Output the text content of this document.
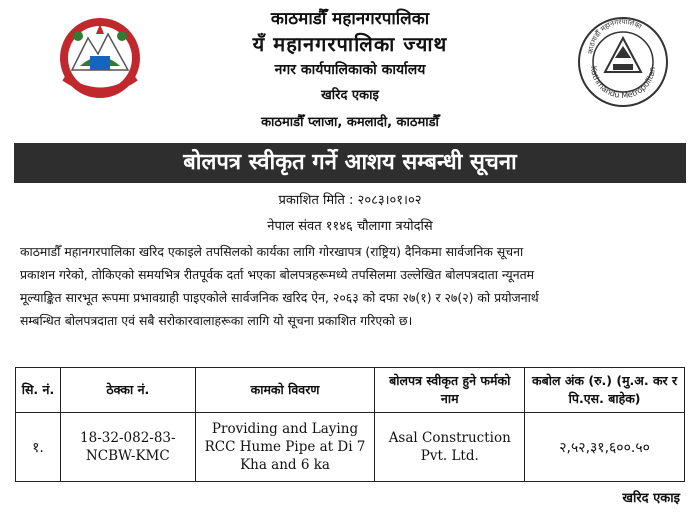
Kathmandu Metropolitan
काठमाडौँ महानगरपालिका
काठमाडौँ महानगरपालिका
यँ महानगरपालिका ज्याथ
नगर कार्यपालिकाको कार्यालय
खरिद एकाइ
काठमाडौँ प्लाजा, कमलादी, काठमाडौँ
बोलपत्र स्वीकृत गर्ने आशय सम्बन्धी सूचना
प्रकाशित मिति : २०८३।०१।०२
नेपाल संवत ११४६ चौलागा त्रयोदसि

काठमाडौँ महानगरपालिका खरिद एकाइले तपसिलको कार्यका लागि गोरखापत्र (राष्ट्रिय) दैनिकमा सार्वजनिक सूचना

प्रकाशन गरेको, तोकिएको समयभित्र रीतपूर्वक दर्ता भएका बोलपत्रहरूमध्ये तपसिलमा उल्लेखित बोलपत्रदाता न्यूनतम

मूल्याङ्कित सारभूत रूपमा प्रभावग्राही पाइएकोले सार्वजनिक खरिद ऐन, २०६३ को दफा २७(१) र २७(२) को प्रयोजनार्थ

सम्बन्धित बोलपत्रदाता एवं सबै सरोकारवालाहरूका लागि यो सूचना प्रकाशित गरिएको छ।

सि. नं.	ठेक्का नं.	कामको विवरण	बोलपत्र स्वीकृत हुने फर्मको नाम	कबोल अंक (रु.) (मु.अ. कर र पि.एस. बाहेक)
१.	18-32-082-83-NCBW-KMC	Providing and Laying RCC Hume Pipe at Di 7 Kha and 6 ka	Asal Construction Pvt. Ltd.	२,५२,३१,६००.५०
खरिद एकाइ
